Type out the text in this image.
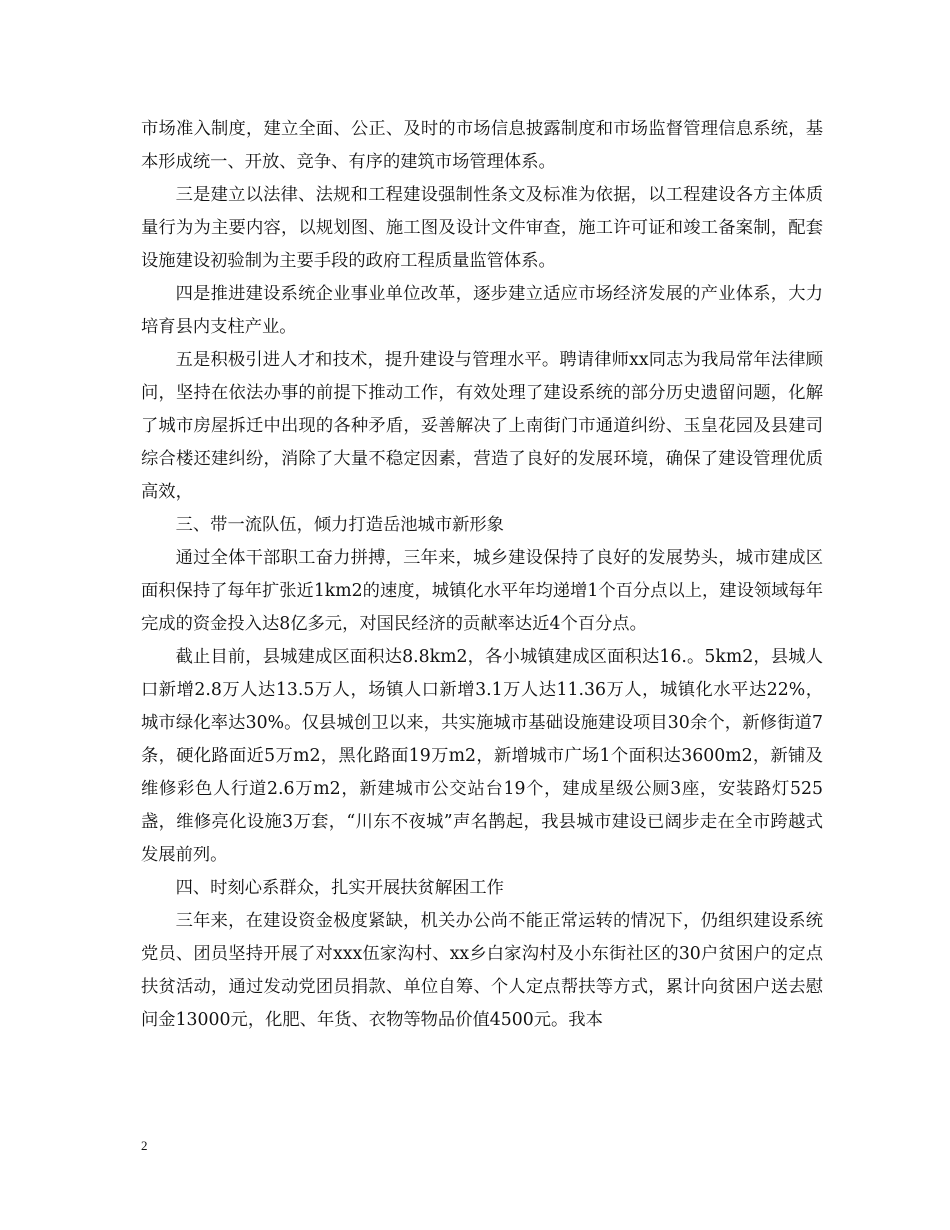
市场准入制度，建立全面、公正、及时的市场信息披露制度和市场监督管理信息系统，基本形成统一、开放、竞争、有序的建筑市场管理体系。

三是建立以法律、法规和工程建设强制性条文及标准为依据，以工程建设各方主体质量行为为主要内容，以规划图、施工图及设计文件审查，施工许可证和竣工备案制，配套设施建设初验制为主要手段的政府工程质量监管体系。

四是推进建设系统企业事业单位改革，逐步建立适应市场经济发展的产业体系，大力培育县内支柱产业。

五是积极引进人才和技术，提升建设与管理水平。聘请律师xx同志为我局常年法律顾问，坚持在依法办事的前提下推动工作，有效处理了建设系统的部分历史遗留问题，化解了城市房屋拆迁中出现的各种矛盾，妥善解决了上南街门市通道纠纷、玉皇花园及县建司综合楼还建纠纷，消除了大量不稳定因素，营造了良好的发展环境，确保了建设管理优质高效，

三、带一流队伍，倾力打造岳池城市新形象

通过全体干部职工奋力拼搏，三年来，城乡建设保持了良好的发展势头，城市建成区面积保持了每年扩张近1km2的速度，城镇化水平年均递增1个百分点以上，建设领域每年完成的资金投入达8亿多元，对国民经济的贡献率达近4个百分点。

截止目前，县城建成区面积达8.8km2，各小城镇建成区面积达16.。5km2，县城人口新增2.8万人达13.5万人，场镇人口新增3.1万人达11.36万人，城镇化水平达22%，城市绿化率达30%。仅县城创卫以来，共实施城市基础设施建设项目30余个，新修街道7条，硬化路面近5万m2，黑化路面19万m2，新增城市广场1个面积达3600m2，新铺及维修彩色人行道2.6万m2，新建城市公交站台19个，建成星级公厕3座，安装路灯525盏，维修亮化设施3万套，“川东不夜城”声名鹊起，我县城市建设已阔步走在全市跨越式发展前列。

四、时刻心系群众，扎实开展扶贫解困工作

三年来，在建设资金极度紧缺，机关办公尚不能正常运转的情况下，仍组织建设系统党员、团员坚持开展了对xxx伍家沟村、xx乡白家沟村及小东街社区的30户贫困户的定点扶贫活动，通过发动党团员捐款、单位自筹、个人定点帮扶等方式，累计向贫困户送去慰问金13000元，化肥、年货、衣物等物品价值4500元。我本

2
